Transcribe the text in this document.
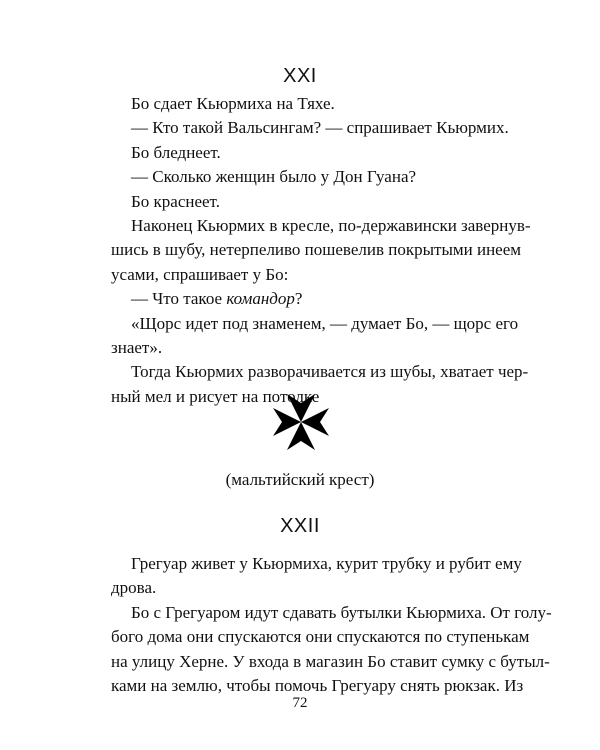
XXI
Бо сдает Кьюрмиха на Тяхе.
— Кто такой Вальсингам? — спрашивает Кьюрмих.
Бо бледнеет.
— Сколько женщин было у Дон Гуана?
Бо краснеет.
Наконец Кьюрмих в кресле, по-державински завернув-
шись в шубу, нетерпеливо пошевелив покрытыми инеем
усами, спрашивает у Бо:
— Что такое командор?
«Щорс идет под знаменем, — думает Бо, — щорс его
знает».
Тогда Кьюрмих разворачивается из шубы, хватает чер-
ный мел и рисует на потолке
(мальтийский крест)
XXII
Грегуар живет у Кьюрмиха, курит трубку и рубит ему
дрова.
Бо с Грегуаром идут сдавать бутылки Кьюрмиха. От голу-
бого дома они спускаются они спускаются по ступенькам
на улицу Херне. У входа в магазин Бо ставит сумку с бутыл-
ками на землю, чтобы помочь Грегуару снять рюкзак. Из
72
